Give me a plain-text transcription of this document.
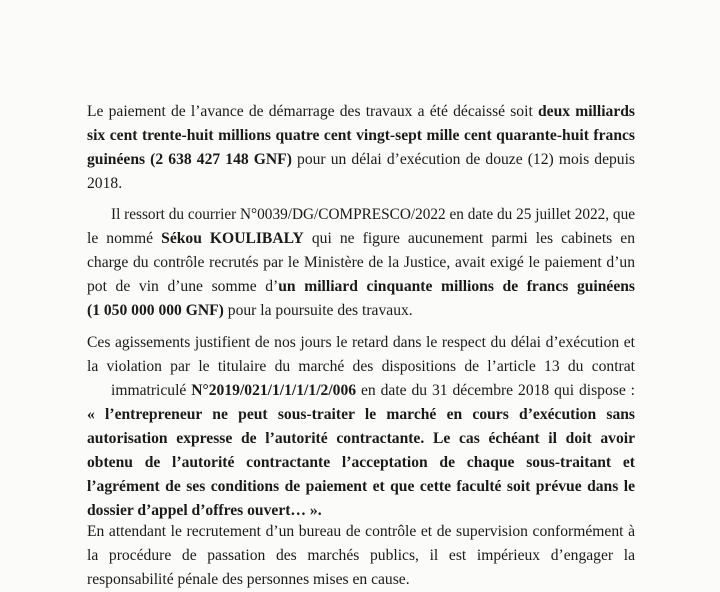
Le paiement de l’avance de démarrage des travaux a été décaissé soit deux milliards
six cent trente-huit millions quatre cent vingt-sept mille cent quarante-huit francs
guinéens (2 638 427 148 GNF) pour un délai d’exécution de douze (12) mois depuis
2018.
Il ressort du courrier N°0039/DG/COMPRESCO/2022 en date du 25 juillet 2022, que
le nommé Sékou KOULIBALY qui ne figure aucunement parmi les cabinets en
charge du contrôle recrutés par le Ministère de la Justice, avait exigé le paiement d’un
pot de vin d’une somme d’un milliard cinquante millions de francs guinéens
(1 050 000 000 GNF) pour la poursuite des travaux.
Ces agissements justifient de nos jours le retard dans le respect du délai d’exécution et
la violation par le titulaire du marché des dispositions de l’article 13 du contrat
immatriculé N°2019/021/1/1/1/1/2/006 en date du 31 décembre 2018 qui dispose :
« l’entrepreneur ne peut sous-traiter le marché en cours d’exécution sans
autorisation expresse de l’autorité contractante. Le cas échéant il doit avoir
obtenu de l’autorité contractante l’acceptation de chaque sous-traitant et
l’agrément de ses conditions de paiement et que cette faculté soit prévue dans le
dossier d’appel d’offres ouvert… ».
En attendant le recrutement d’un bureau de contrôle et de supervision conformément à
la procédure de passation des marchés publics, il est impérieux d’engager la
responsabilité pénale des personnes mises en cause.
